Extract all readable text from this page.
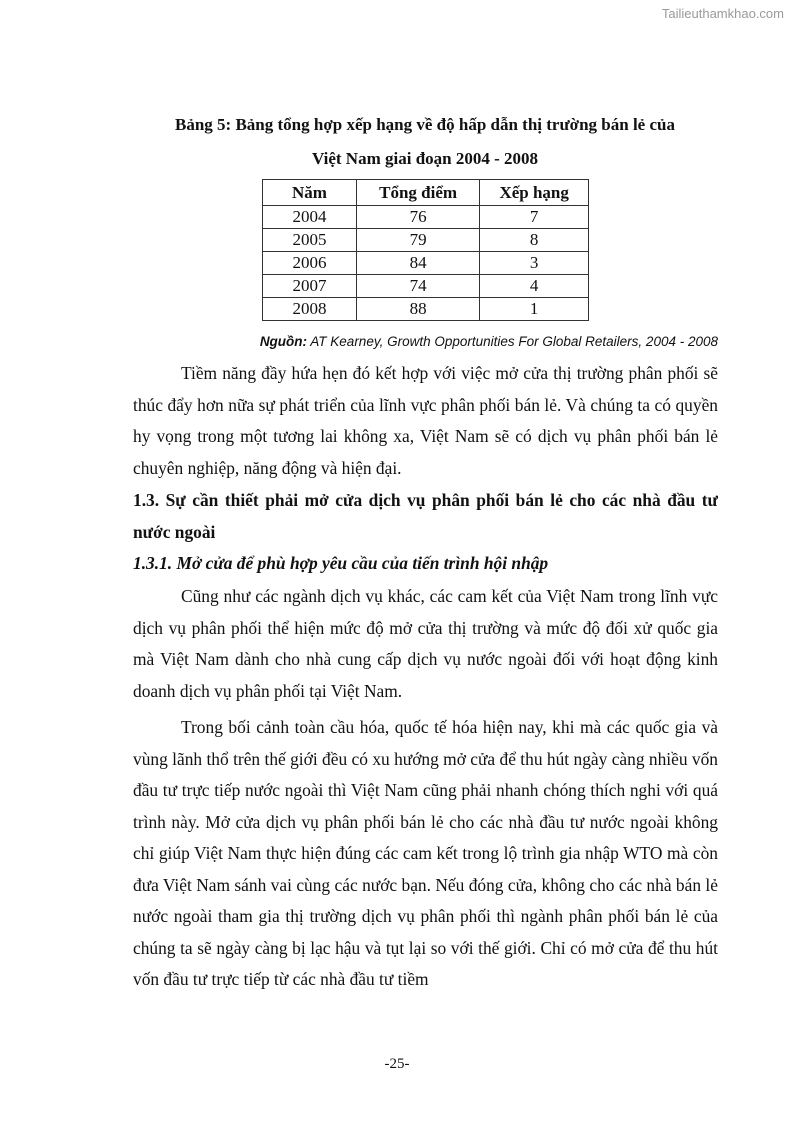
Tailieuthamkhao.com

Bảng 5: Bảng tổng hợp xếp hạng về độ hấp dẫn thị trường bán lẻ của

Việt Nam giai đoạn 2004 - 2008

Năm	Tổng điểm	Xếp hạng
2004	76	7
2005	79	8
2006	84	3
2007	74	4
2008	88	1

Nguồn: AT Kearney, Growth Opportunities For Global Retailers, 2004 - 2008

Tiềm năng đầy hứa hẹn đó kết hợp với việc mở cửa thị trường phân phối sẽ thúc đẩy hơn nữa sự phát triển của lĩnh vực phân phối bán lẻ. Và chúng ta có quyền hy vọng trong một tương lai không xa, Việt Nam sẽ có dịch vụ phân phối bán lẻ chuyên nghiệp, năng động và hiện đại.

1.3. Sự cần thiết phải mở cửa dịch vụ phân phối bán lẻ cho các nhà đầu tư nước ngoài

1.3.1. Mở cửa để phù hợp yêu cầu của tiến trình hội nhập

Cũng như các ngành dịch vụ khác, các cam kết của Việt Nam trong lĩnh vực dịch vụ phân phối thể hiện mức độ mở cửa thị trường và mức độ đối xử quốc gia mà Việt Nam dành cho nhà cung cấp dịch vụ nước ngoài đối với hoạt động kinh doanh dịch vụ phân phối tại Việt Nam.

Trong bối cảnh toàn cầu hóa, quốc tế hóa hiện nay, khi mà các quốc gia và vùng lãnh thổ trên thế giới đều có xu hướng mở cửa để thu hút ngày càng nhiều vốn đầu tư trực tiếp nước ngoài thì Việt Nam cũng phải nhanh chóng thích nghi với quá trình này. Mở cửa dịch vụ phân phối bán lẻ cho các nhà đầu tư nước ngoài không chỉ giúp Việt Nam thực hiện đúng các cam kết trong lộ trình gia nhập WTO mà còn đưa Việt Nam sánh vai cùng các nước bạn. Nếu đóng cửa, không cho các nhà bán lẻ nước ngoài tham gia thị trường dịch vụ phân phối thì ngành phân phối bán lẻ của chúng ta sẽ ngày càng bị lạc hậu và tụt lại so với thế giới. Chỉ có mở cửa để thu hút vốn đầu tư trực tiếp từ các nhà đầu tư tiềm

-25-
